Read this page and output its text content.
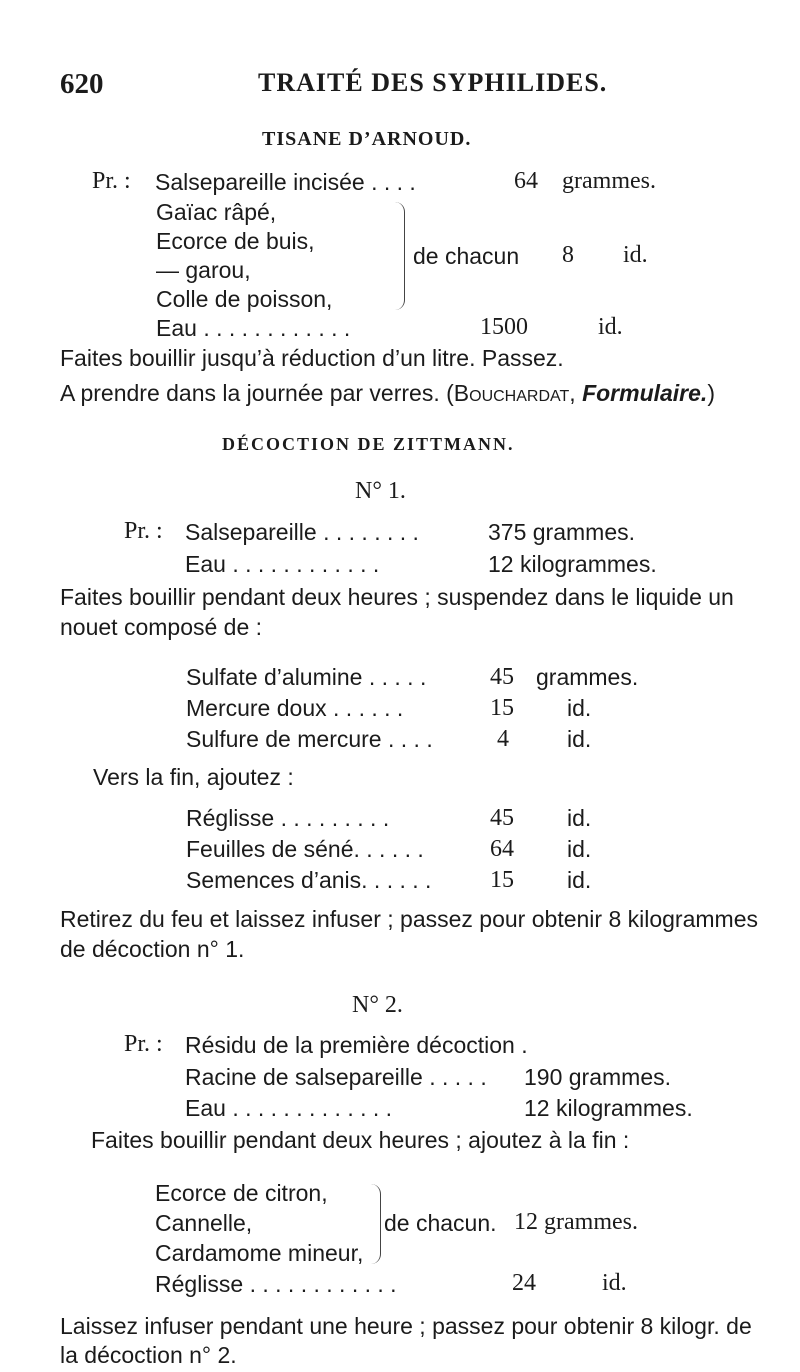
620	TRAITÉ DES SYPHILIDES.
TISANE D’ARNOUD.
Pr. : Salsepareille incisée . . . .	64 grammes.
Gaïac râpé,
Ecorce de buis,
— garou,
Colle de poisson,
de chacun 8 id.
Eau . . . . . . . . . . . .	1500	id.
Faites bouillir jusqu’à réduction d’un litre. Passez.
A prendre dans la journée par verres. (Bouchardat, Formulaire.)
DÉCOCTION DE ZITTMANN.
N° 1.
Pr. : Salsepareille . . . . . . . .	375 grammes.
Eau . . . . . . . . . . . .	12 kilogrammes.
Faites bouillir pendant deux heures ; suspendez dans le liquide un
nouet composé de :
Sulfate d’alumine . . . . .	45 grammes.
Mercure doux . . . . . .	15 id.
Sulfure de mercure . . . .	4	id.
Vers la fin, ajoutez :
Réglisse . . . . . . . . .	45 id.
Feuilles de séné. . . . . .	64 id.
Semences d’anis. . . . . . 15 id.
Retirez du feu et laissez infuser ; passez pour obtenir 8 kilogrammes
de décoction n° 1.
N° 2.
Pr. : Résidu de la première décoction .
Racine de salsepareille . . . . . 190 grammes.
Eau . . . . . . . . . . . . .	12 kilogrammes.
Faites bouillir pendant deux heures ; ajoutez à la fin :
Ecorce de citron,
Cannelle,
Cardamome mineur,
de chacun. 12 grammes.
Réglisse . . . . . . . . . . . .	24	id.
Laissez infuser pendant une heure ; passez pour obtenir 8 kilogr. de
la décoction n° 2.
